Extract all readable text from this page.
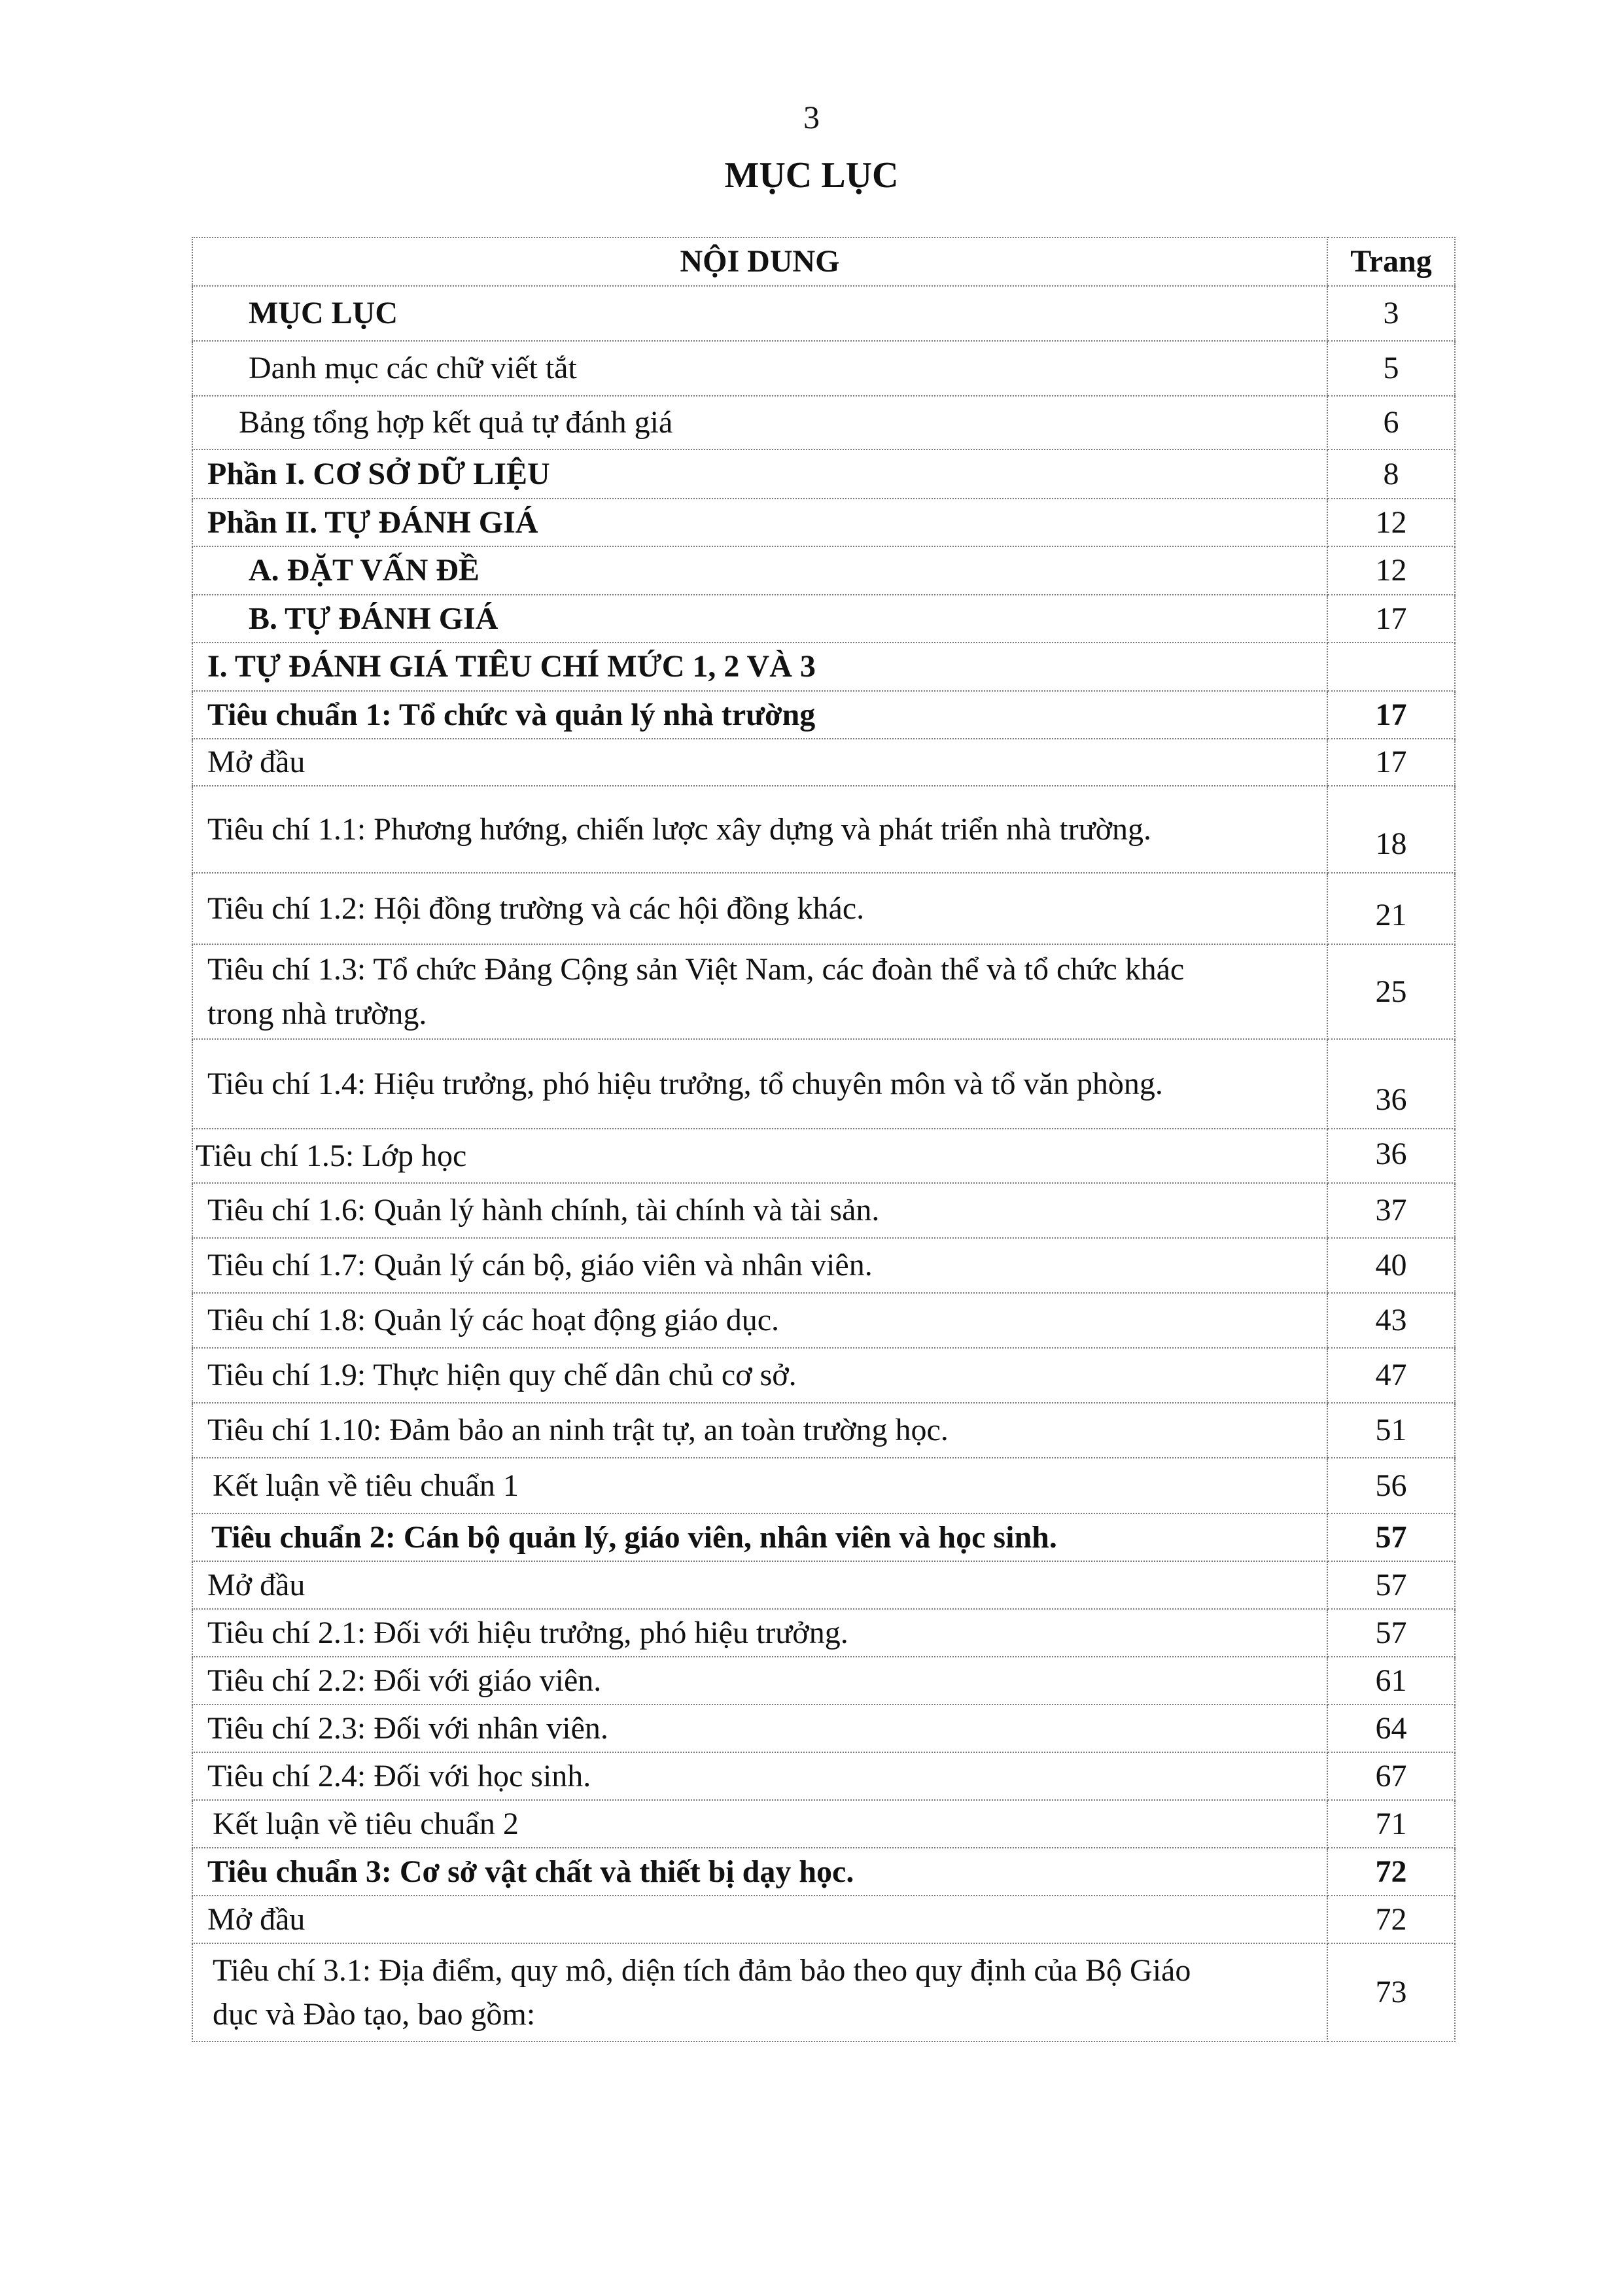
3
MỤC LỤC
NỘI DUNG	Trang
MỤC LỤC	3
Danh mục các chữ viết tắt	5
Bảng tổng hợp kết quả tự đánh giá	6
Phần I. CƠ SỞ DỮ LIỆU	8
Phần II. TỰ ĐÁNH GIÁ	12
A. ĐẶT VẤN ĐỀ	12
B. TỰ ĐÁNH GIÁ	17
I. TỰ ĐÁNH GIÁ TIÊU CHÍ MỨC 1, 2 VÀ 3	
Tiêu chuẩn 1: Tổ chức và quản lý nhà trường	17
Mở đầu	17
Tiêu chí 1.1: Phương hướng, chiến lược xây dựng và phát triển nhà trường.	18
Tiêu chí 1.2: Hội đồng trường và các hội đồng khác.	21
Tiêu chí 1.3: Tổ chức Đảng Cộng sản Việt Nam, các đoàn thể và tổ chức khác trong nhà trường.	25
Tiêu chí 1.4: Hiệu trưởng, phó hiệu trưởng, tổ chuyên môn và tổ văn phòng.	36
Tiêu chí 1.5: Lớp học	36
Tiêu chí 1.6: Quản lý hành chính, tài chính và tài sản.	37
Tiêu chí 1.7: Quản lý cán bộ, giáo viên và nhân viên.	40
Tiêu chí 1.8: Quản lý các hoạt động giáo dục.	43
Tiêu chí 1.9: Thực hiện quy chế dân chủ cơ sở.	47
Tiêu chí 1.10: Đảm bảo an ninh trật tự, an toàn trường học.	51
Kết luận về tiêu chuẩn 1	56
Tiêu chuẩn 2: Cán bộ quản lý, giáo viên, nhân viên và học sinh.	57
Mở đầu	57
Tiêu chí 2.1: Đối với hiệu trưởng, phó hiệu trưởng.	57
Tiêu chí 2.2: Đối với giáo viên.	61
Tiêu chí 2.3: Đối với nhân viên.	64
Tiêu chí 2.4: Đối với học sinh.	67
Kết luận về tiêu chuẩn 2	71
Tiêu chuẩn 3: Cơ sở vật chất và thiết bị dạy học.	72
Mở đầu	72
Tiêu chí 3.1: Địa điểm, quy mô, diện tích đảm bảo theo quy định của Bộ Giáo dục và Đào tạo, bao gồm:	73
